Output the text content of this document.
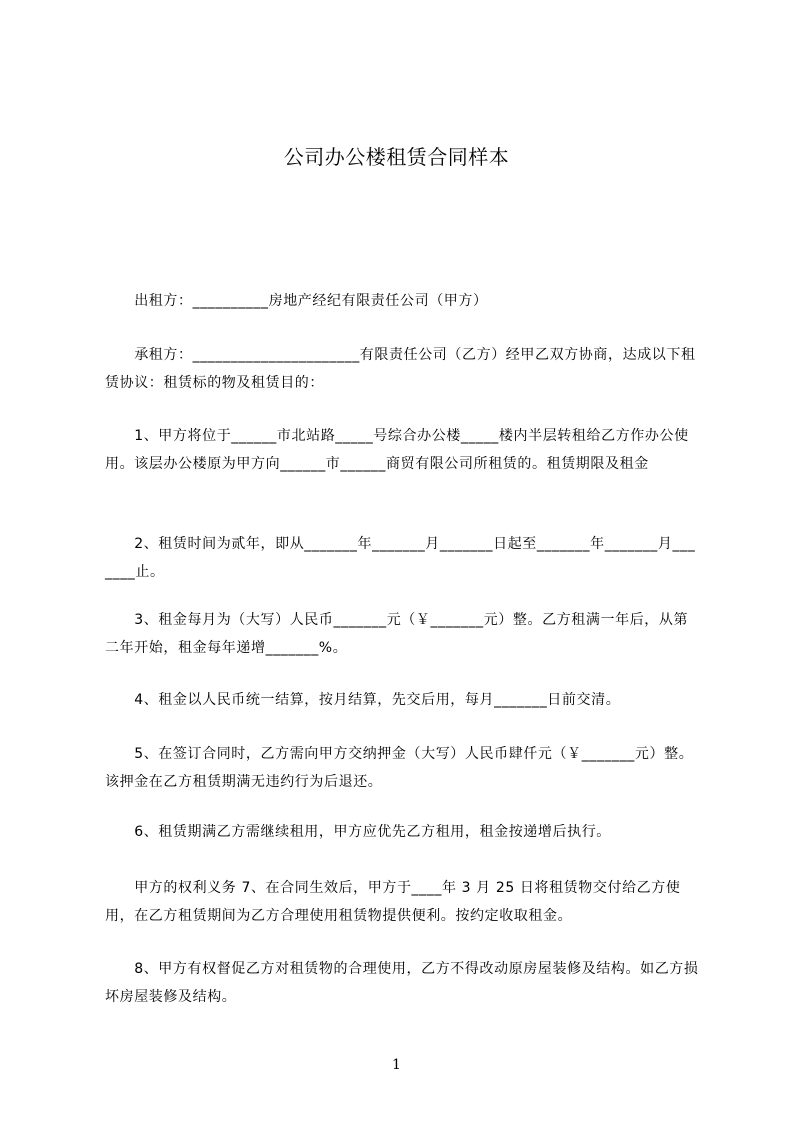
公司办公楼租赁合同样本
　　出租方：__________房地产经纪有限责任公司（甲方）
　　承租方：______________________有限责任公司（乙方）经甲乙双方协商，达成以下租赁协议：租赁标的物及租赁目的：
　　1、甲方将位于______市北站路_____号综合办公楼_____楼内半层转租给乙方作办公使用。该层办公楼原为甲方向______市______商贸有限公司所租赁的。租赁期限及租金
　　2、租赁时间为贰年，即从_______年_______月_______日起至_______年_______月_______止。
　　3、租金每月为（大写）人民币_______元（￥_______元）整。乙方租满一年后，从第二年开始，租金每年递增_______%。
　　4、租金以人民币统一结算，按月结算，先交后用，每月_______日前交清。
　　5、在签订合同时，乙方需向甲方交纳押金（大写）人民币肆仟元（￥_______元）整。该押金在乙方租赁期满无违约行为后退还。
　　6、租赁期满乙方需继续租用，甲方应优先乙方租用，租金按递增后执行。
　　甲方的权利义务 7、在合同生效后，甲方于____年 3 月 25 日将租赁物交付给乙方使用，在乙方租赁期间为乙方合理使用租赁物提供便利。按约定收取租金。
　　8、甲方有权督促乙方对租赁物的合理使用，乙方不得改动原房屋装修及结构。如乙方损坏房屋装修及结构。
1
